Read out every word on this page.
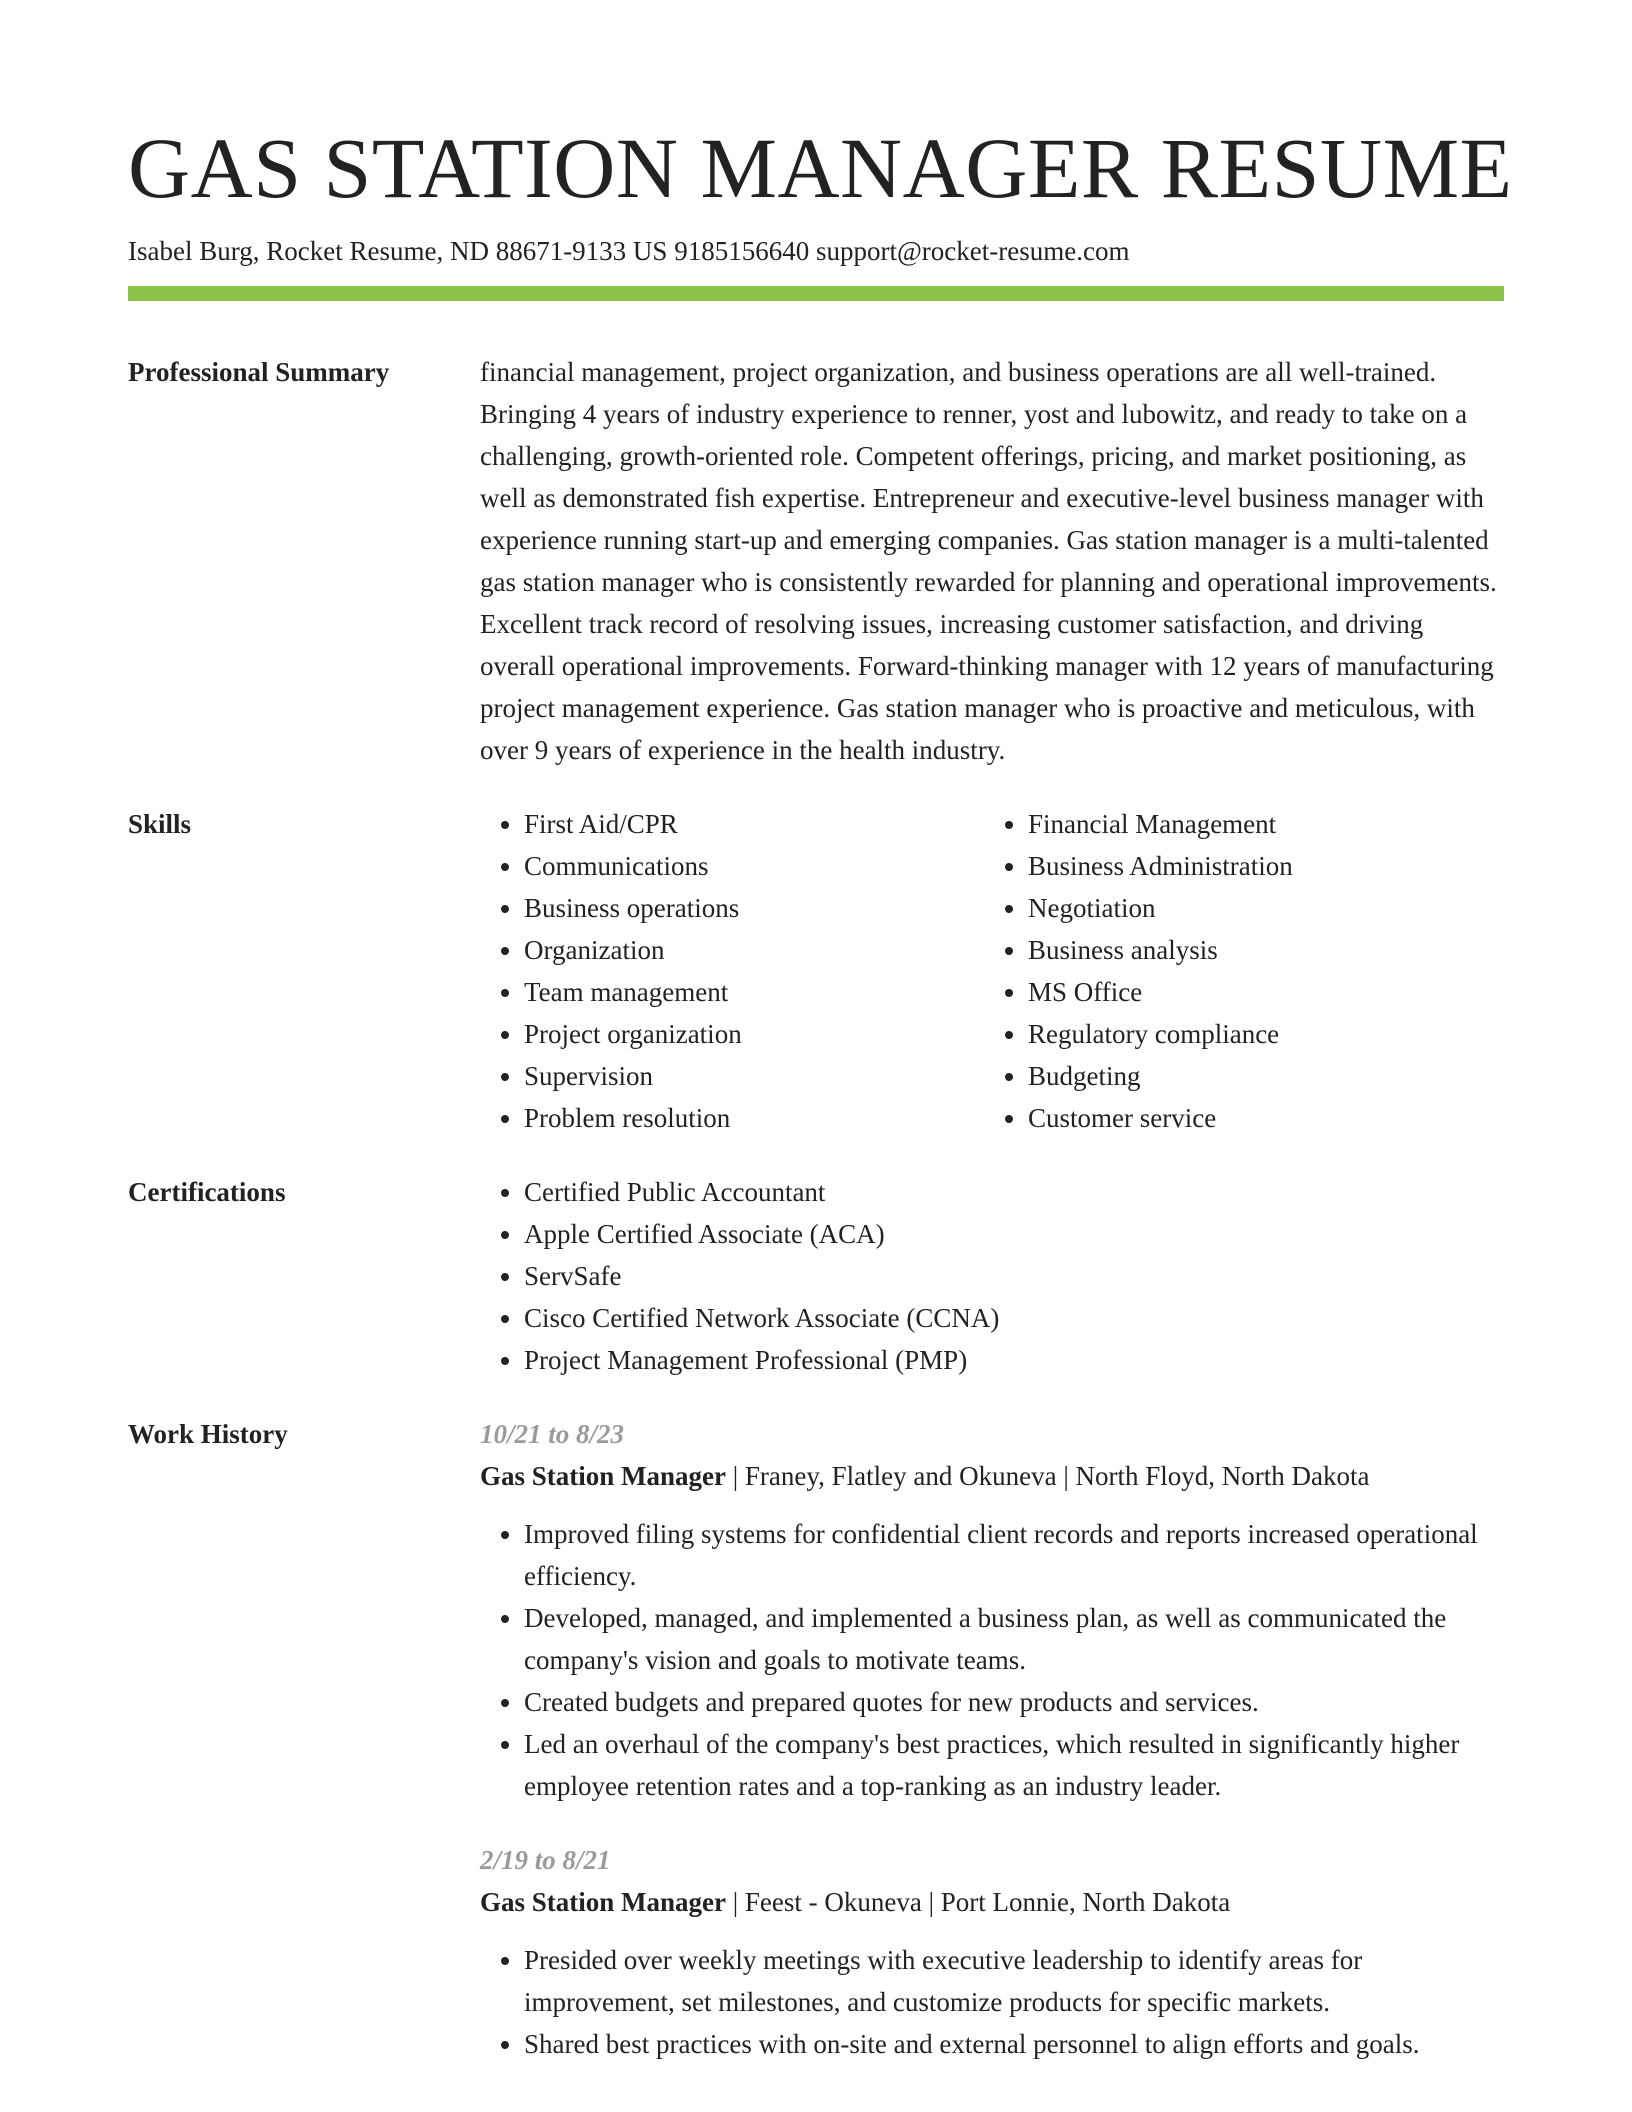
GAS STATION MANAGER RESUME
Isabel Burg, Rocket Resume, ND 88671-9133 US 9185156640 support@rocket-resume.com
Professional Summary	financial management, project organization, and business operations are all well-trained. Bringing 4 years of industry experience to renner, yost and lubowitz, and ready to take on a challenging, growth-oriented role. Competent offerings, pricing, and market positioning, as well as demonstrated fish expertise. Entrepreneur and executive-level business manager with experience running start-up and emerging companies. Gas station manager is a multi-talented gas station manager who is consistently rewarded for planning and operational improvements. Excellent track record of resolving issues, increasing customer satisfaction, and driving overall operational improvements. Forward-thinking manager with 12 years of manufacturing project management experience. Gas station manager who is proactive and meticulous, with over 9 years of experience in the health industry.

Skills	• First Aid/CPR
• Communications
• Business operations
• Organization
• Team management
• Project organization
• Supervision
• Problem resolution
• Financial Management
• Business Administration
• Negotiation
• Business analysis
• MS Office
• Regulatory compliance
• Budgeting
• Customer service
Certifications	• Certified Public Accountant
• Apple Certified Associate (ACA)
• ServSafe
• Cisco Certified Network Associate (CCNA)
• Project Management Professional (PMP)
Work History	10/21 to 8/23
Gas Station Manager | Franey, Flatley and Okuneva | North Floyd, North Dakota
• Improved filing systems for confidential client records and reports increased operational efficiency.
• Developed, managed, and implemented a business plan, as well as communicated the company's vision and goals to motivate teams.
• Created budgets and prepared quotes for new products and services.
• Led an overhaul of the company's best practices, which resulted in significantly higher employee retention rates and a top-ranking as an industry leader.
2/19 to 8/21
Gas Station Manager | Feest - Okuneva | Port Lonnie, North Dakota
• Presided over weekly meetings with executive leadership to identify areas for improvement, set milestones, and customize products for specific markets.
• Shared best practices with on-site and external personnel to align efforts and goals.
